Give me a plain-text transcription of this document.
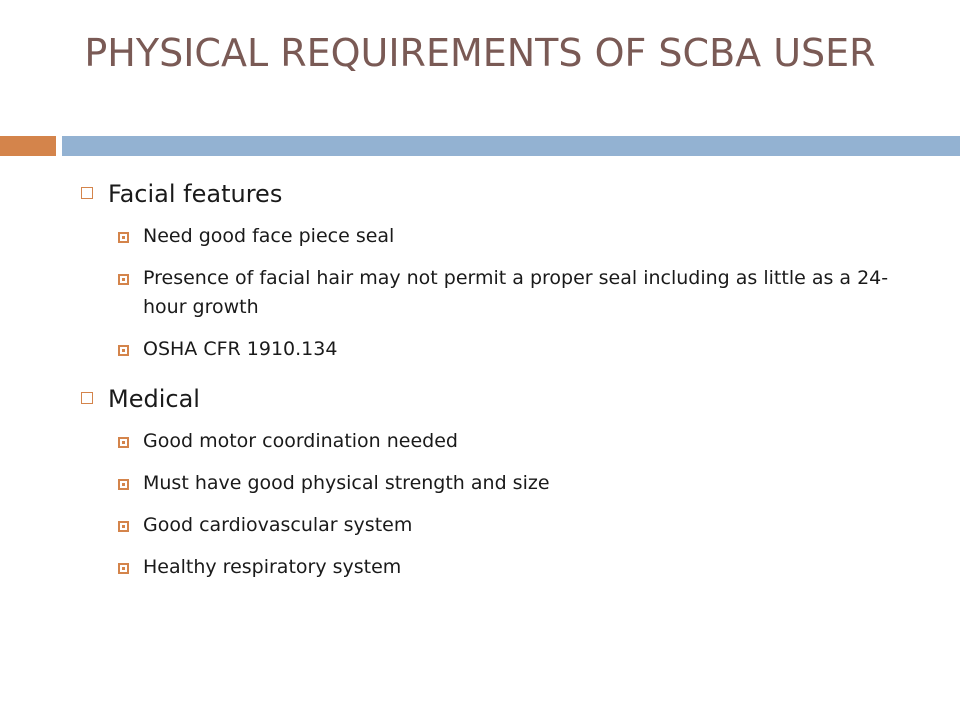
PHYSICAL REQUIREMENTS OF SCBA USER
Facial features
Need good face piece seal
Presence of facial hair may not permit a proper seal including as little as a 24-hour growth
OSHA CFR 1910.134
Medical
Good motor coordination needed
Must have good physical strength and size
Good cardiovascular system
Healthy respiratory system
